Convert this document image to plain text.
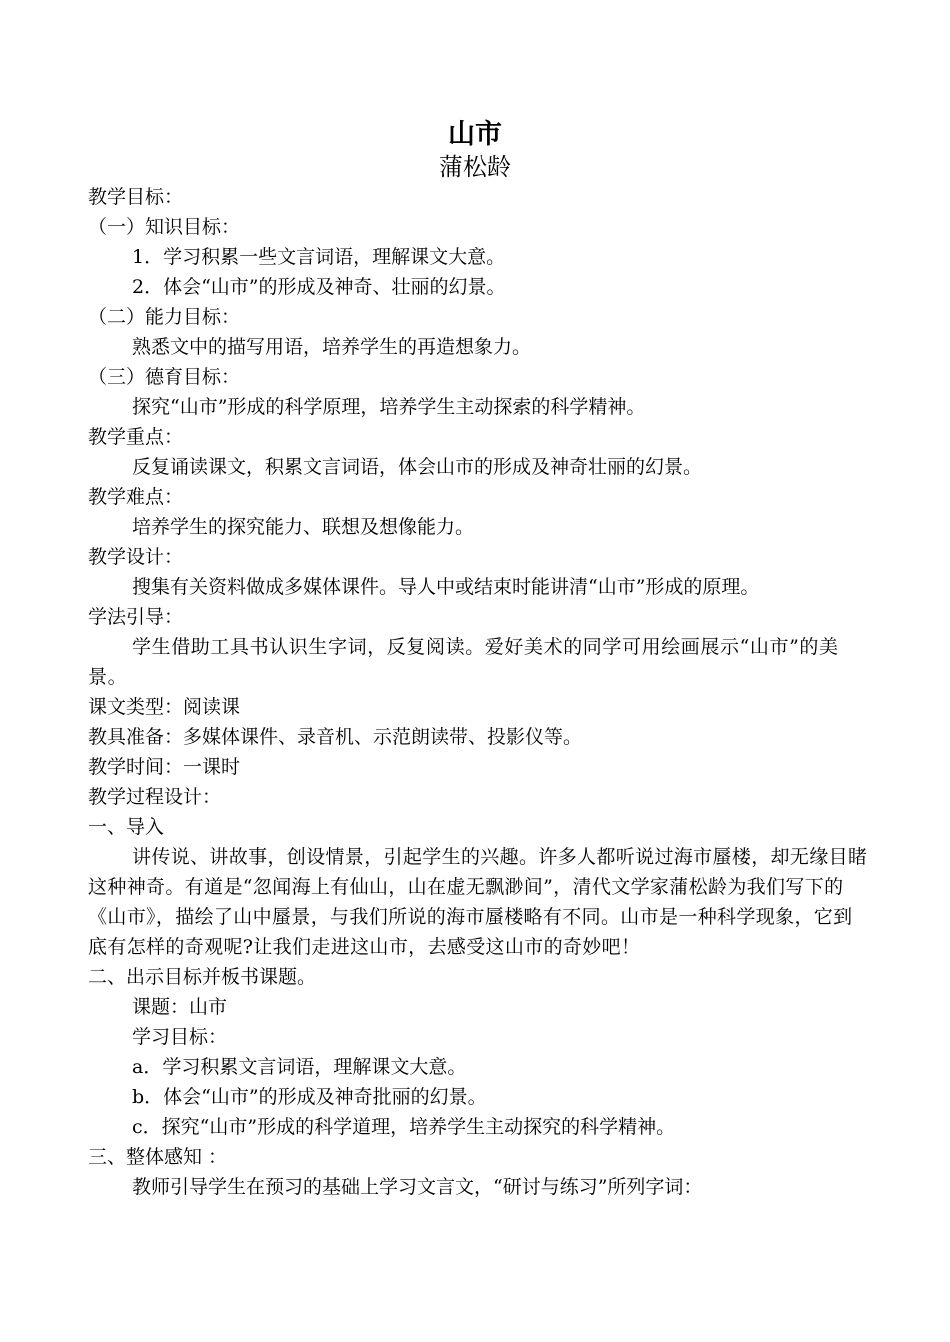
山市
蒲松龄
教学目标：
（一）知识目标：
1．学习积累一些文言词语，理解课文大意。
2．体会“山市”的形成及神奇、壮丽的幻景。
（二）能力目标：
熟悉文中的描写用语，培养学生的再造想象力。
（三）德育目标：
探究“山市”形成的科学原理，培养学生主动探索的科学精神。
教学重点：
反复诵读课文，积累文言词语，体会山市的形成及神奇壮丽的幻景。
教学难点：
培养学生的探究能力、联想及想像能力。
教学设计：
搜集有关资料做成多媒体课件。导人中或结束时能讲清“山市”形成的原理。
学法引导：
学生借助工具书认识生字词，反复阅读。爱好美术的同学可用绘画展示“山市”的美景。
课文类型：阅读课
教具准备：多媒体课件、录音机、示范朗读带、投影仪等。
教学时间：一课时
教学过程设计：
一、导入
讲传说、讲故事，创设情景，引起学生的兴趣。许多人都听说过海市蜃楼，却无缘目睹这种神奇。有道是“忽闻海上有仙山，山在虚无飘渺间”，清代文学家蒲松龄为我们写下的《山市》，描绘了山中蜃景，与我们所说的海市蜃楼略有不同。山市是一种科学现象，它到底有怎样的奇观呢?让我们走进这山市，去感受这山市的奇妙吧！
二、出示目标并板书课题。
课题：山市
学习目标：
a．学习积累文言词语，理解课文大意。
b．体会“山市”的形成及神奇批丽的幻景。
c．探究“山市”形成的科学道理，培养学生主动探究的科学精神。
三、整体感知 ：
教师引导学生在预习的基础上学习文言文，“研讨与练习”所列字词：
